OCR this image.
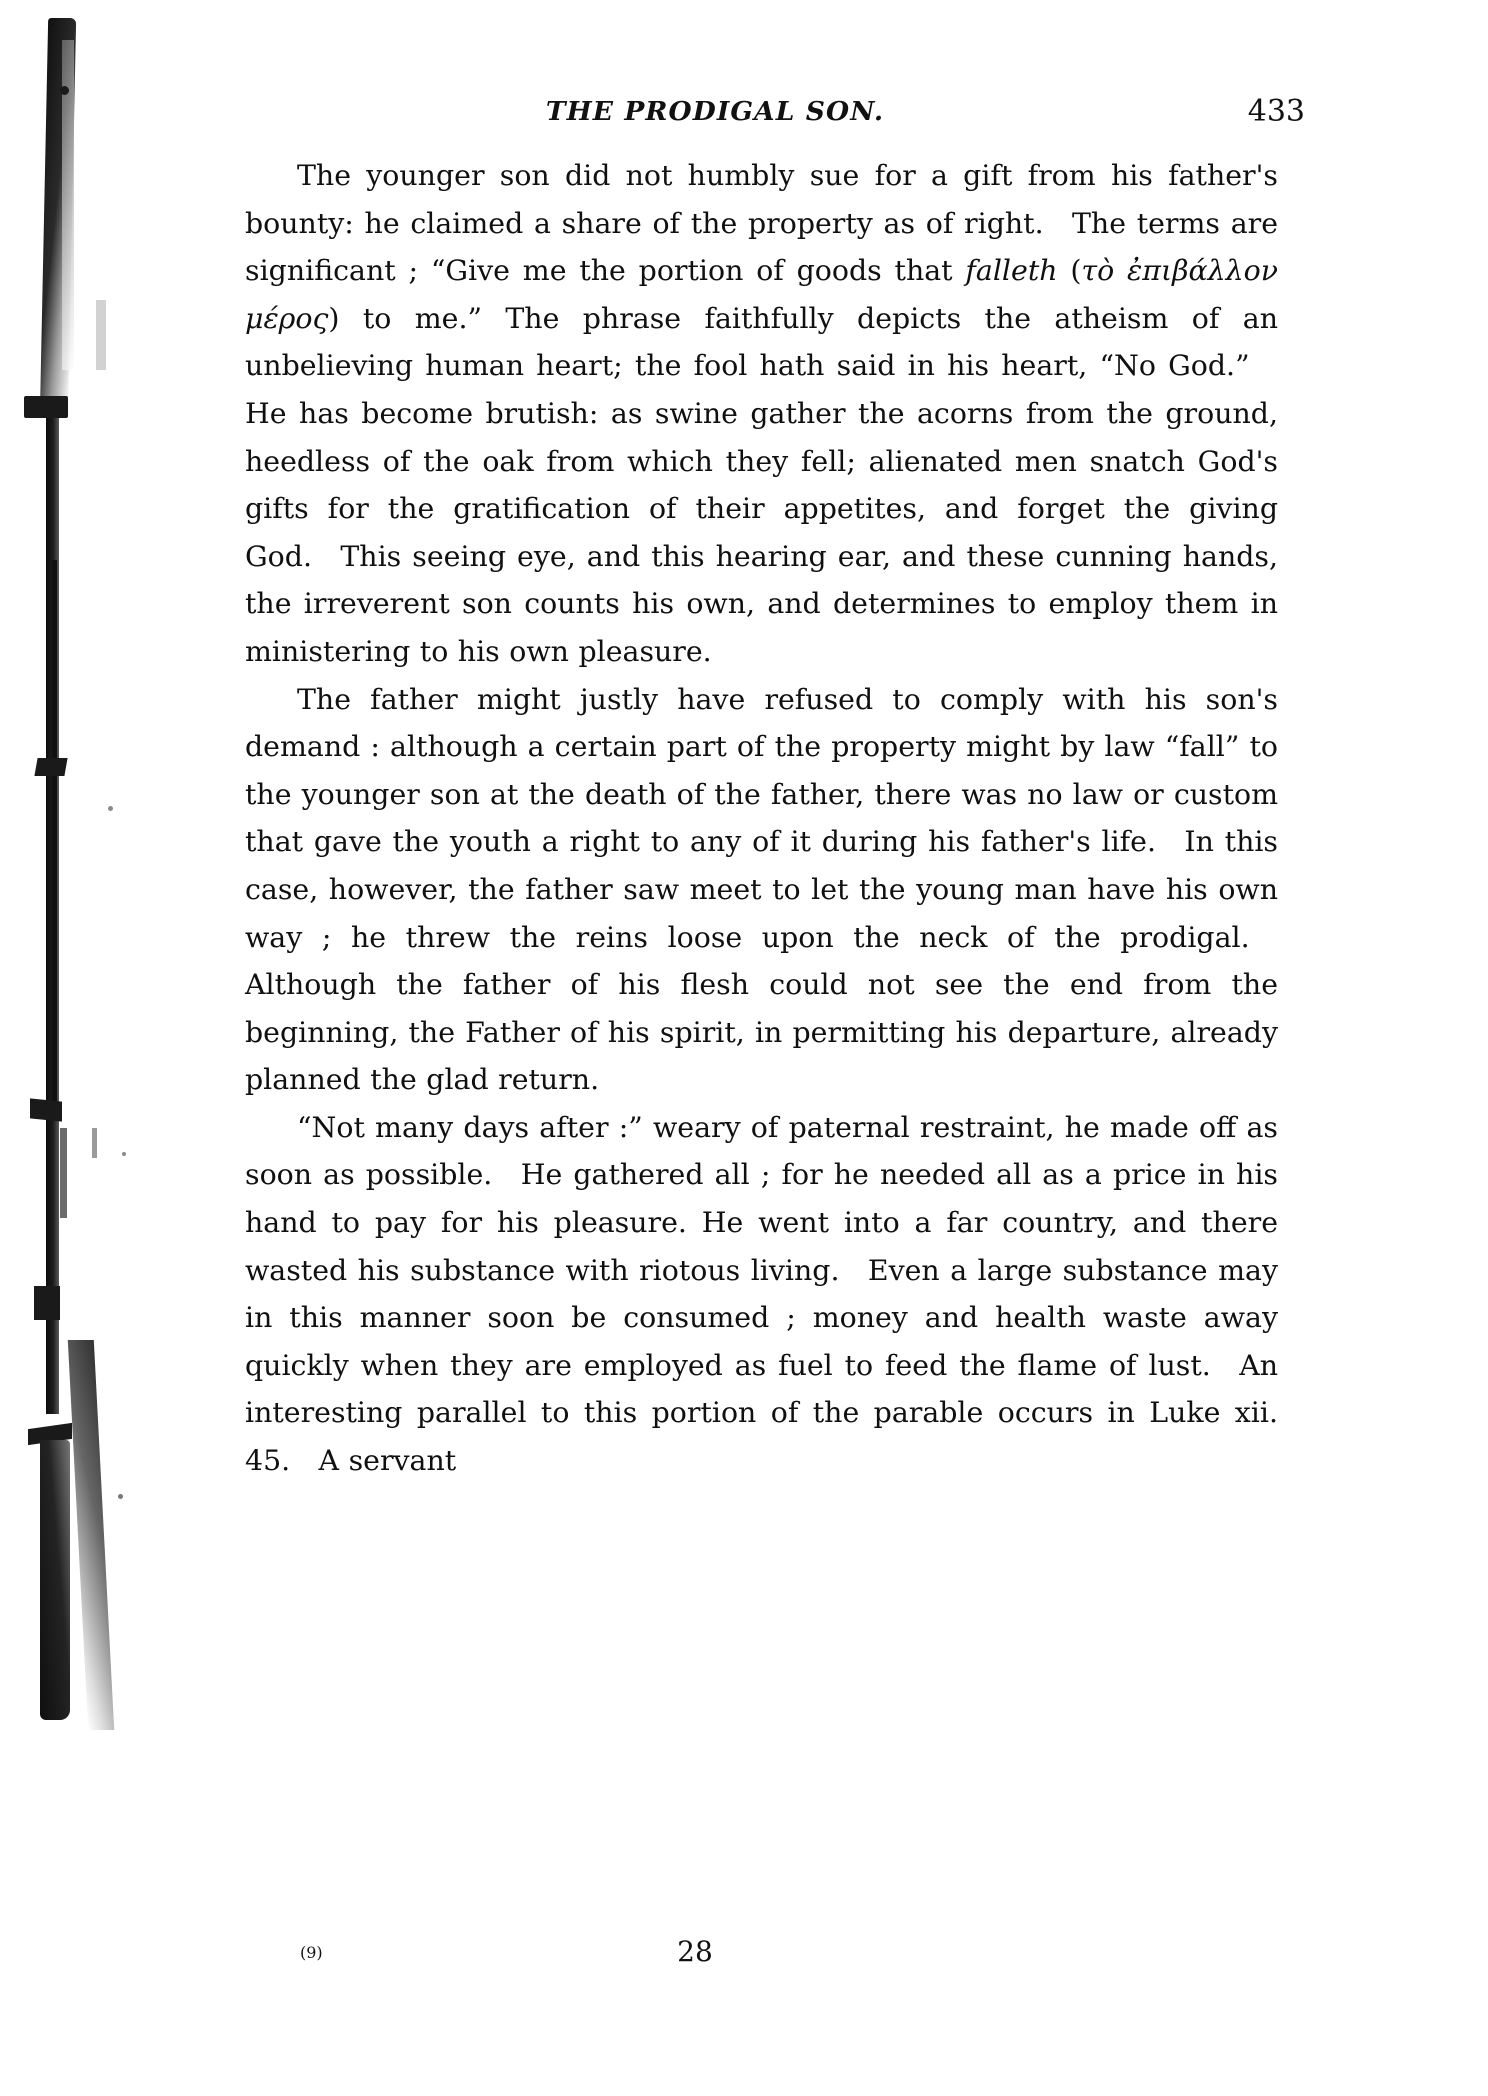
THE PRODIGAL SON.	433

The younger son did not humbly sue for a gift from his father's bounty: he claimed a share of the property as of right. The terms are significant ; “Give me the portion of goods that falleth (τὸ ἐπιβάλλον μέρος) to me.” The phrase faithfully depicts the atheism of an unbelieving human heart; the fool hath said in his heart, “No God.” He has become brutish: as swine gather the acorns from the ground, heedless of the oak from which they fell; alienated men snatch God's gifts for the gratification of their appetites, and forget the giving God. This seeing eye, and this hearing ear, and these cunning hands, the irreverent son counts his own, and determines to employ them in ministering to his own pleasure.

The father might justly have refused to comply with his son's demand : although a certain part of the property might by law “fall” to the younger son at the death of the father, there was no law or custom that gave the youth a right to any of it during his father's life. In this case, however, the father saw meet to let the young man have his own way ; he threw the reins loose upon the neck of the prodigal. Although the father of his flesh could not see the end from the beginning, the Father of his spirit, in permitting his departure, already planned the glad return.

“Not many days after :” weary of paternal restraint, he made off as soon as possible. He gathered all ; for he needed all as a price in his hand to pay for his pleasure. He went into a far country, and there wasted his substance with riotous living. Even a large substance may in this manner soon be consumed ; money and health waste away quickly when they are employed as fuel to feed the flame of lust. An interesting parallel to this portion of the parable occurs in Luke xii. 45. A servant

(9)	28
